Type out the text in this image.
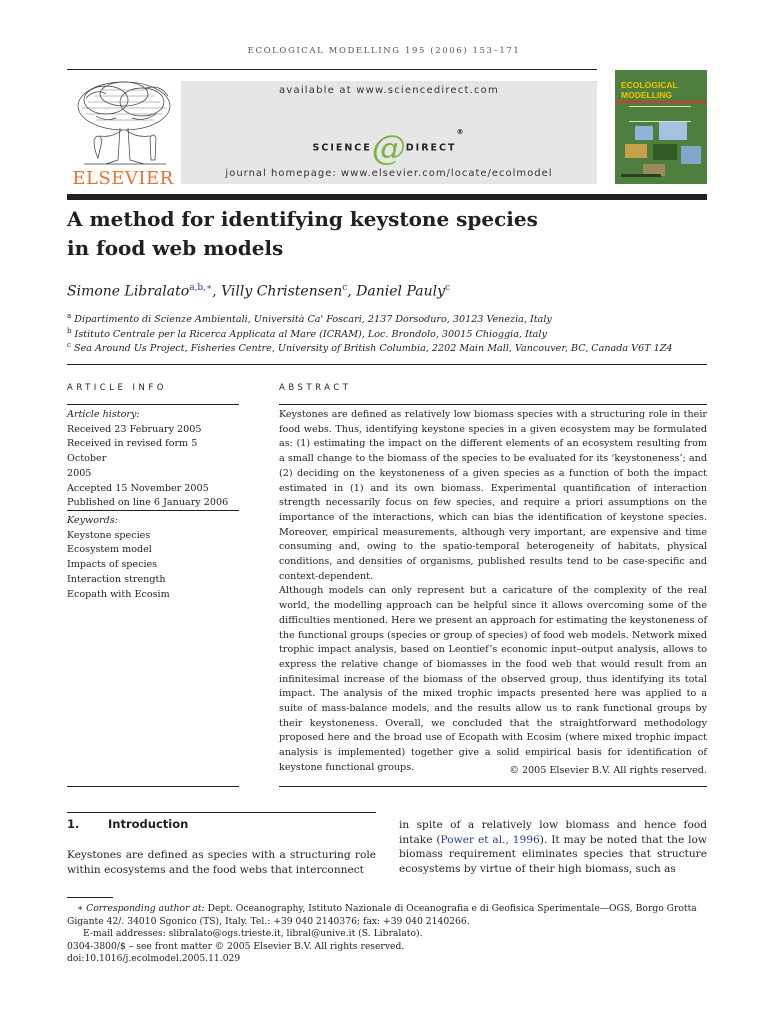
ECOLOGICAL MODELLING 195 (2006) 153–171
ELSEVIER
available at www.sciencedirect.com
SCIENCE@DIRECT®
journal homepage: www.elsevier.com/locate/ecolmodel
ECOLOGICAL
MODELLING
A method for identifying keystone species
in food web models
Simone Libralato$^{a,b,∗}$, Villy Christensen$^c$, Daniel Pauly$^c$
$^a$ Dipartimento di Scienze Ambientali, Università Ca' Foscari, 2137 Dorsoduro, 30123 Venezia, Italy
$^b$ Istituto Centrale per la Ricerca Applicata al Mare (ICRAM), Loc. Brondolo, 30015 Chioggia, Italy
$^c$ Sea Around Us Project, Fisheries Centre, University of British Columbia, 2202 Main Mall, Vancouver, BC, Canada V6T 1Z4
ARTICLE INFO
Article history:
Received 23 February 2005
Received in revised form 5 October
2005
Accepted 15 November 2005
Published on line 6 January 2006
Keywords:
Keystone species
Ecosystem model
Impacts of species
Interaction strength
Ecopath with Ecosim
ABSTRACT

Keystones are defined as relatively low biomass species with a structuring role in their food webs. Thus, identifying keystone species in a given ecosystem may be formulated as: (1) estimating the impact on the different elements of an ecosystem resulting from a small change to the biomass of the species to be evaluated for its ‘keystoneness’; and (2) deciding on the keystoneness of a given species as a function of both the impact estimated in (1) and its own biomass. Experimental quantification of interaction strength necessarily focus on few species, and require a priori assumptions on the importance of the interactions, which can bias the identification of keystone species. Moreover, empirical measurements, although very important, are expensive and time consuming and, owing to the spatio-temporal heterogeneity of habitats, physical conditions, and densities of organisms, published results tend to be case-specific and context-dependent.

Although models can only represent but a caricature of the complexity of the real world, the modelling approach can be helpful since it allows overcoming some of the difficulties mentioned. Here we present an approach for estimating the keystoneness of the functional groups (species or group of species) of food web models. Network mixed trophic impact analysis, based on Leontief’s economic input–output analysis, allows to express the relative change of biomasses in the food web that would result from an infinitesimal increase of the biomass of the observed group, thus identifying its total impact. The analysis of the mixed trophic impacts presented here was applied to a suite of mass-balance models, and the results allow us to rank functional groups by their keystoneness. Overall, we concluded that the straightforward methodology proposed here and the broad use of Ecopath with Ecosim (where mixed trophic impact analysis is implemented) together give a solid empirical basis for identification of keystone functional groups.	© 2005 Elsevier B.V. All rights reserved.
1. Introduction
Keystones are defined as species with a structuring role within ecosystems and the food webs that interconnect
in spite of a relatively low biomass and hence food intake (Power et al., 1996). It may be noted that the low biomass requirement eliminates species that structure ecosystems by virtue of their high biomass, such as

∗ Corresponding author at: Dept. Oceanography, Istituto Nazionale di Oceanografia e di Geofisica Sperimentale—OGS, Borgo Grotta Gigante 42/. 34010 Sgonico (TS), Italy. Tel.: +39 040 2140376; fax: +39 040 2140266.

E-mail addresses: slibralato@ogs.trieste.it, libral@unive.it (S. Libralato).

0304-3800/$ – see front matter © 2005 Elsevier B.V. All rights reserved.

doi:10.1016/j.ecolmodel.2005.11.029
